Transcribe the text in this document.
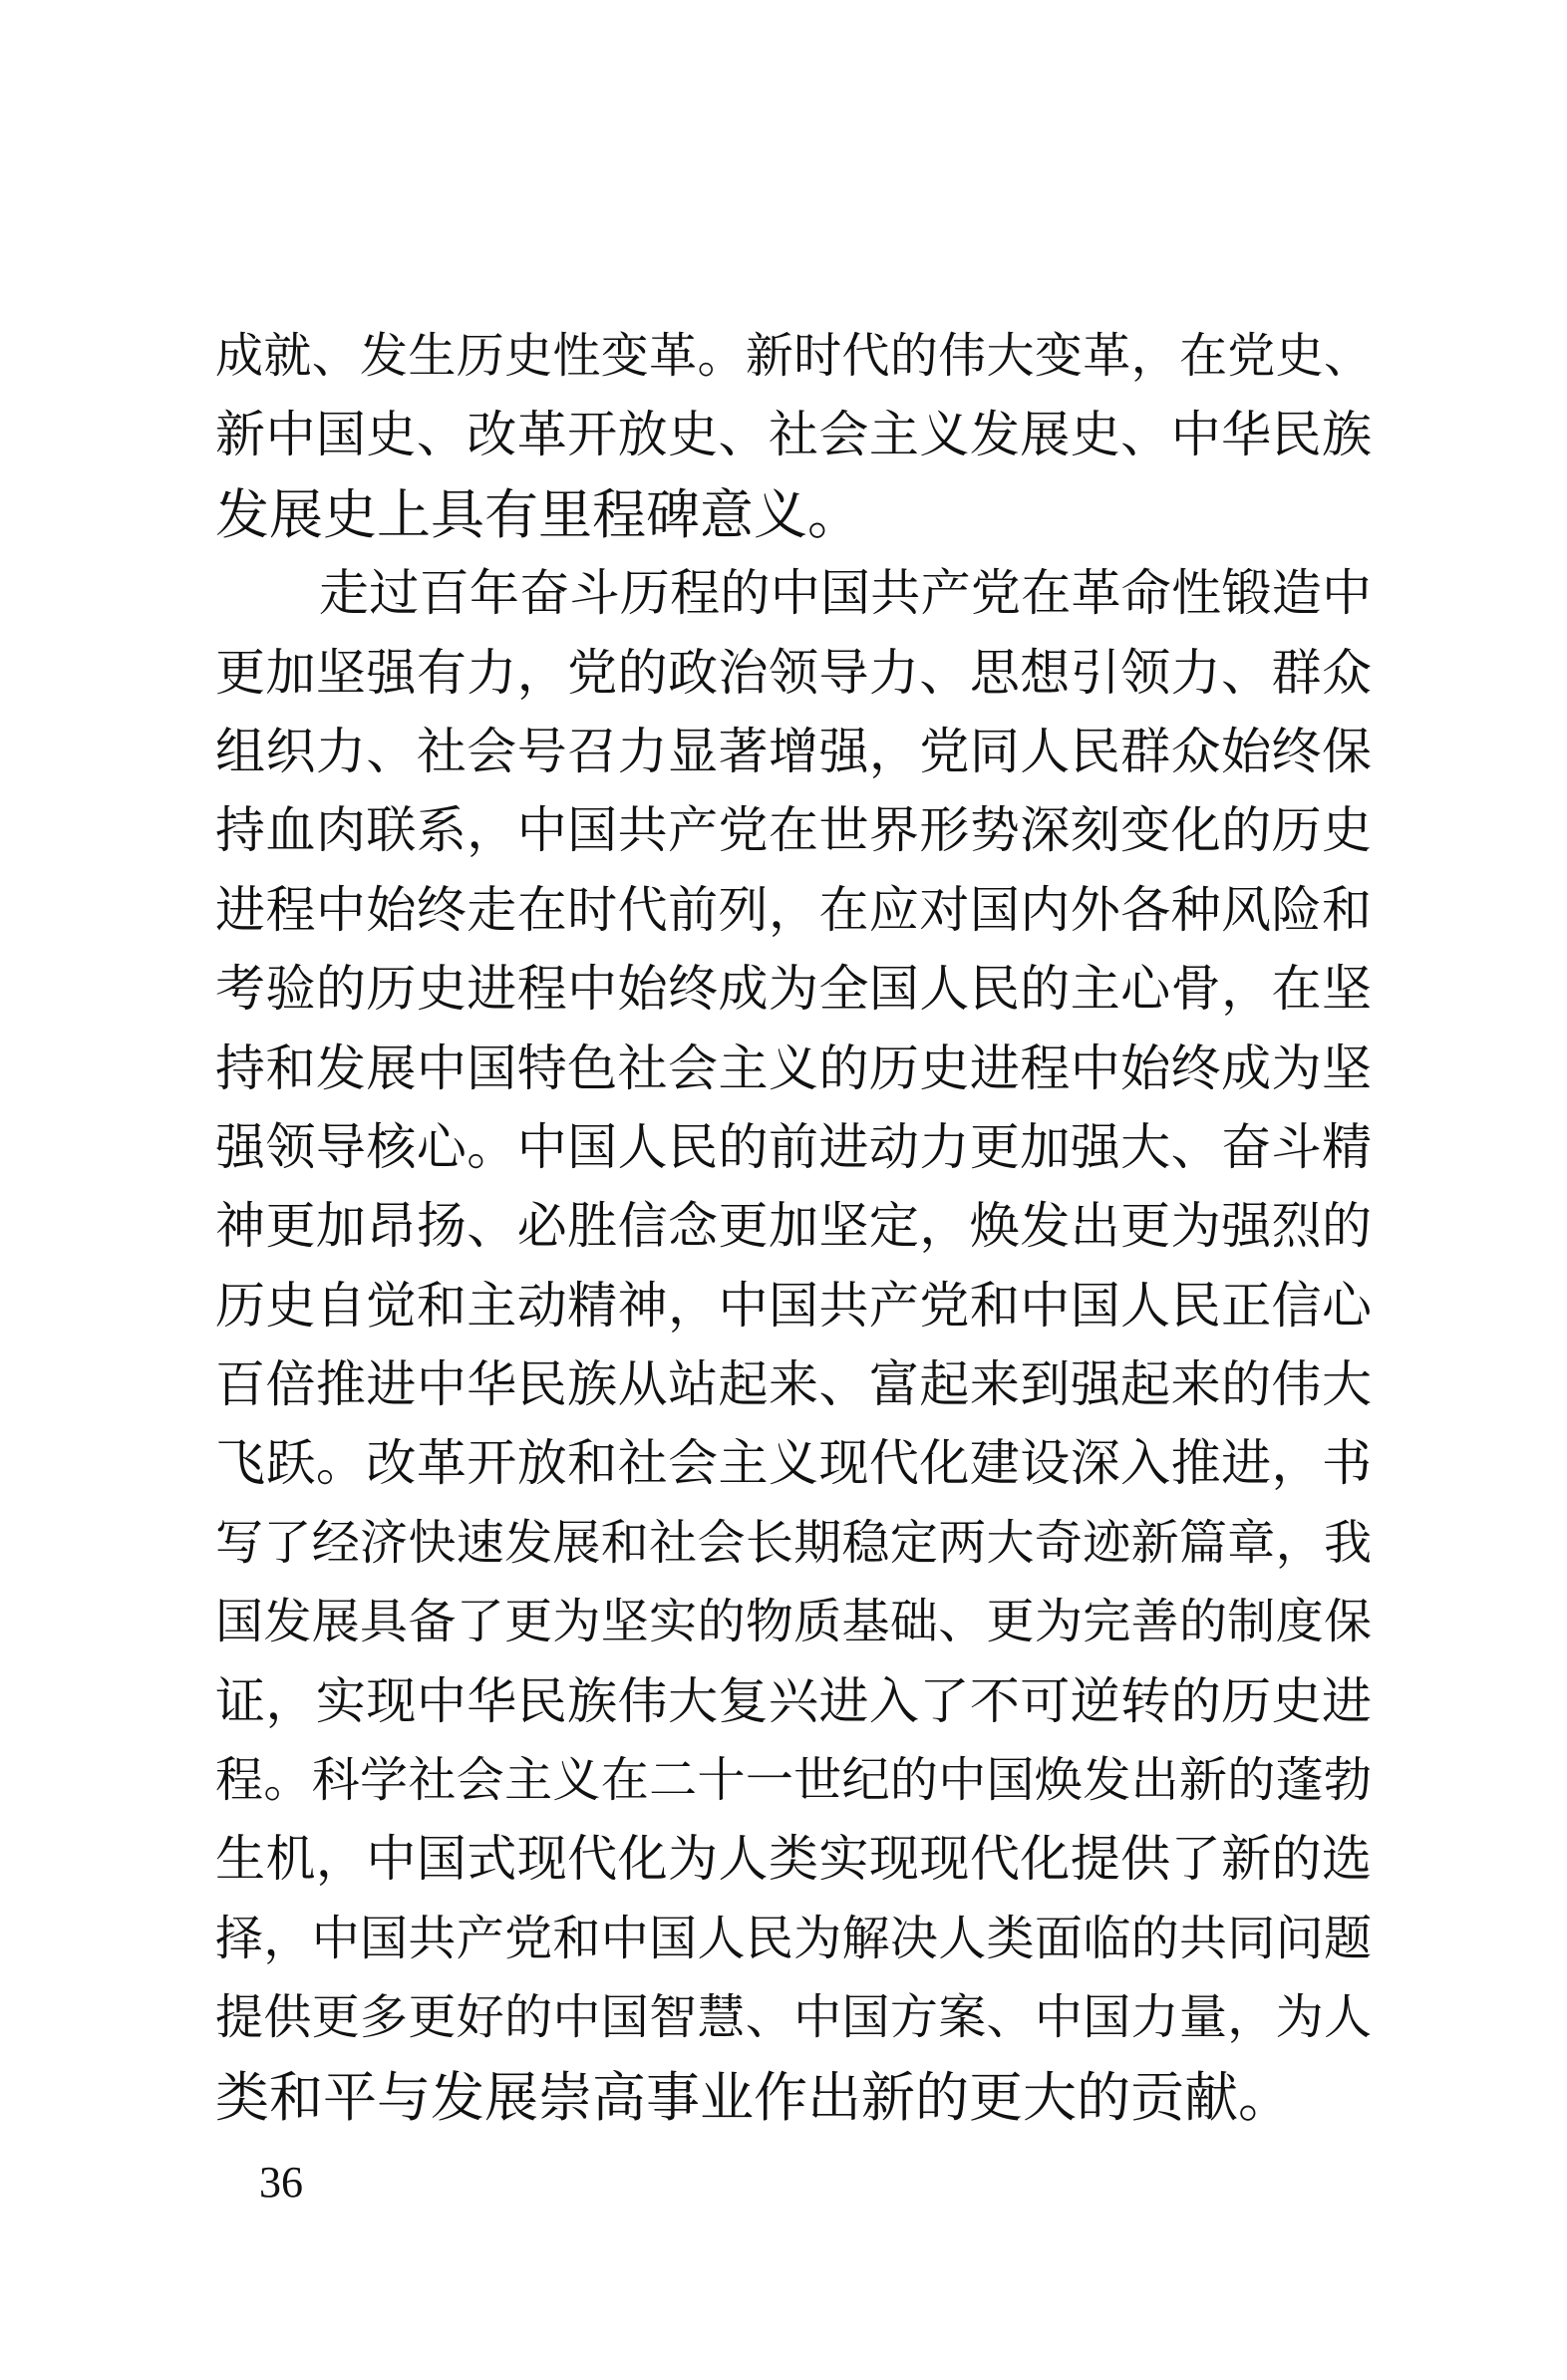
成就、发生历史性变革。新时代的伟大变革，在党史、
新中国史、改革开放史、社会主义发展史、中华民族
发展史上具有里程碑意义。
走过百年奋斗历程的中国共产党在革命性锻造中
更加坚强有力，党的政治领导力、思想引领力、群众
组织力、社会号召力显著增强，党同人民群众始终保
持血肉联系，中国共产党在世界形势深刻变化的历史
进程中始终走在时代前列，在应对国内外各种风险和
考验的历史进程中始终成为全国人民的主心骨，在坚
持和发展中国特色社会主义的历史进程中始终成为坚
强领导核心。中国人民的前进动力更加强大、奋斗精
神更加昂扬、必胜信念更加坚定，焕发出更为强烈的
历史自觉和主动精神，中国共产党和中国人民正信心
百倍推进中华民族从站起来、富起来到强起来的伟大
飞跃。改革开放和社会主义现代化建设深入推进，书
写了经济快速发展和社会长期稳定两大奇迹新篇章，我
国发展具备了更为坚实的物质基础、更为完善的制度保
证，实现中华民族伟大复兴进入了不可逆转的历史进
程。科学社会主义在二十一世纪的中国焕发出新的蓬勃
生机，中国式现代化为人类实现现代化提供了新的选
择，中国共产党和中国人民为解决人类面临的共同问题
提供更多更好的中国智慧、中国方案、中国力量，为人
类和平与发展崇高事业作出新的更大的贡献。
36
